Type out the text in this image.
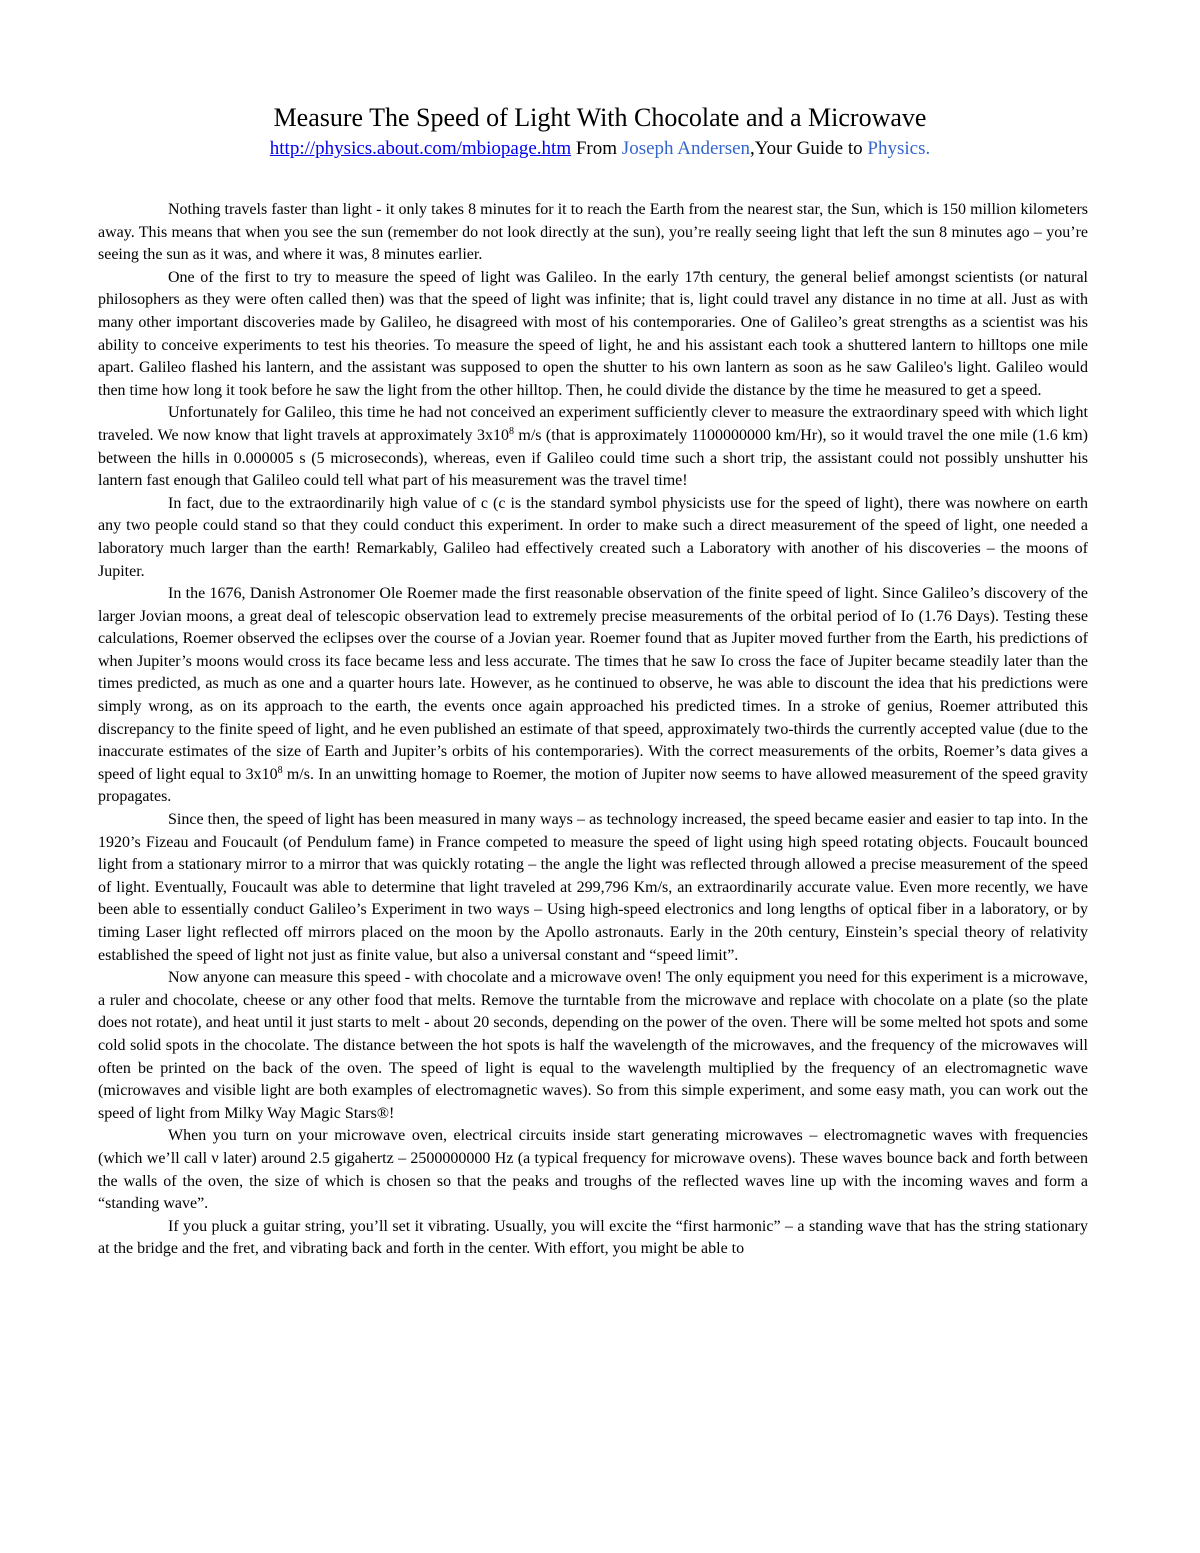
Measure The Speed of Light With Chocolate and a Microwave
http://physics.about.com/mbiopage.htm From Joseph Andersen,Your Guide to Physics.

Nothing travels faster than light - it only takes 8 minutes for it to reach the Earth from the nearest star, the Sun, which is 150 million kilometers away. This means that when you see the sun (remember do not look directly at the sun), you’re really seeing light that left the sun 8 minutes ago – you’re seeing the sun as it was, and where it was, 8 minutes earlier.

One of the first to try to measure the speed of light was Galileo. In the early 17th century, the general belief amongst scientists (or natural philosophers as they were often called then) was that the speed of light was infinite; that is, light could travel any distance in no time at all. Just as with many other important discoveries made by Galileo, he disagreed with most of his contemporaries. One of Galileo’s great strengths as a scientist was his ability to conceive experiments to test his theories. To measure the speed of light, he and his assistant each took a shuttered lantern to hilltops one mile apart. Galileo flashed his lantern, and the assistant was supposed to open the shutter to his own lantern as soon as he saw Galileo's light. Galileo would then time how long it took before he saw the light from the other hilltop. Then, he could divide the distance by the time he measured to get a speed.

Unfortunately for Galileo, this time he had not conceived an experiment sufficiently clever to measure the extraordinary speed with which light traveled. We now know that light travels at approximately $3x10^8$ m/s (that is approximately 1100000000 km/Hr), so it would travel the one mile (1.6 km) between the hills in 0.000005 s (5 microseconds), whereas, even if Galileo could time such a short trip, the assistant could not possibly unshutter his lantern fast enough that Galileo could tell what part of his measurement was the travel time!

In fact, due to the extraordinarily high value of c (c is the standard symbol physicists use for the speed of light), there was nowhere on earth any two people could stand so that they could conduct this experiment. In order to make such a direct measurement of the speed of light, one needed a laboratory much larger than the earth! Remarkably, Galileo had effectively created such a Laboratory with another of his discoveries – the moons of Jupiter.

In the 1676, Danish Astronomer Ole Roemer made the first reasonable observation of the finite speed of light. Since Galileo’s discovery of the larger Jovian moons, a great deal of telescopic observation lead to extremely precise measurements of the orbital period of Io (1.76 Days). Testing these calculations, Roemer observed the eclipses over the course of a Jovian year. Roemer found that as Jupiter moved further from the Earth, his predictions of when Jupiter’s moons would cross its face became less and less accurate. The times that he saw Io cross the face of Jupiter became steadily later than the times predicted, as much as one and a quarter hours late. However, as he continued to observe, he was able to discount the idea that his predictions were simply wrong, as on its approach to the earth, the events once again approached his predicted times. In a stroke of genius, Roemer attributed this discrepancy to the finite speed of light, and he even published an estimate of that speed, approximately two-thirds the currently accepted value (due to the inaccurate estimates of the size of Earth and Jupiter’s orbits of his contemporaries). With the correct measurements of the orbits, Roemer’s data gives a speed of light equal to $3x10^8$ m/s. In an unwitting homage to Roemer, the motion of Jupiter now seems to have allowed measurement of the speed gravity propagates.

Since then, the speed of light has been measured in many ways – as technology increased, the speed became easier and easier to tap into. In the 1920’s Fizeau and Foucault (of Pendulum fame) in France competed to measure the speed of light using high speed rotating objects. Foucault bounced light from a stationary mirror to a mirror that was quickly rotating – the angle the light was reflected through allowed a precise measurement of the speed of light. Eventually, Foucault was able to determine that light traveled at 299,796 Km/s, an extraordinarily accurate value. Even more recently, we have been able to essentially conduct Galileo’s Experiment in two ways – Using high-speed electronics and long lengths of optical fiber in a laboratory, or by timing Laser light reflected off mirrors placed on the moon by the Apollo astronauts. Early in the 20th century, Einstein’s special theory of relativity established the speed of light not just as finite value, but also a universal constant and “speed limit”.

Now anyone can measure this speed - with chocolate and a microwave oven! The only equipment you need for this experiment is a microwave, a ruler and chocolate, cheese or any other food that melts. Remove the turntable from the microwave and replace with chocolate on a plate (so the plate does not rotate), and heat until it just starts to melt - about 20 seconds, depending on the power of the oven. There will be some melted hot spots and some cold solid spots in the chocolate. The distance between the hot spots is half the wavelength of the microwaves, and the frequency of the microwaves will often be printed on the back of the oven. The speed of light is equal to the wavelength multiplied by the frequency of an electromagnetic wave (microwaves and visible light are both examples of electromagnetic waves). So from this simple experiment, and some easy math, you can work out the speed of light from Milky Way Magic Stars®!

When you turn on your microwave oven, electrical circuits inside start generating microwaves – electromagnetic waves with frequencies (which we’ll call ν later) around 2.5 gigahertz – 2500000000 Hz (a typical frequency for microwave ovens). These waves bounce back and forth between the walls of the oven, the size of which is chosen so that the peaks and troughs of the reflected waves line up with the incoming waves and form a “standing wave”.

If you pluck a guitar string, you’ll set it vibrating. Usually, you will excite the “first harmonic” – a standing wave that has the string stationary at the bridge and the fret, and vibrating back and forth in the center. With effort, you might be able to
